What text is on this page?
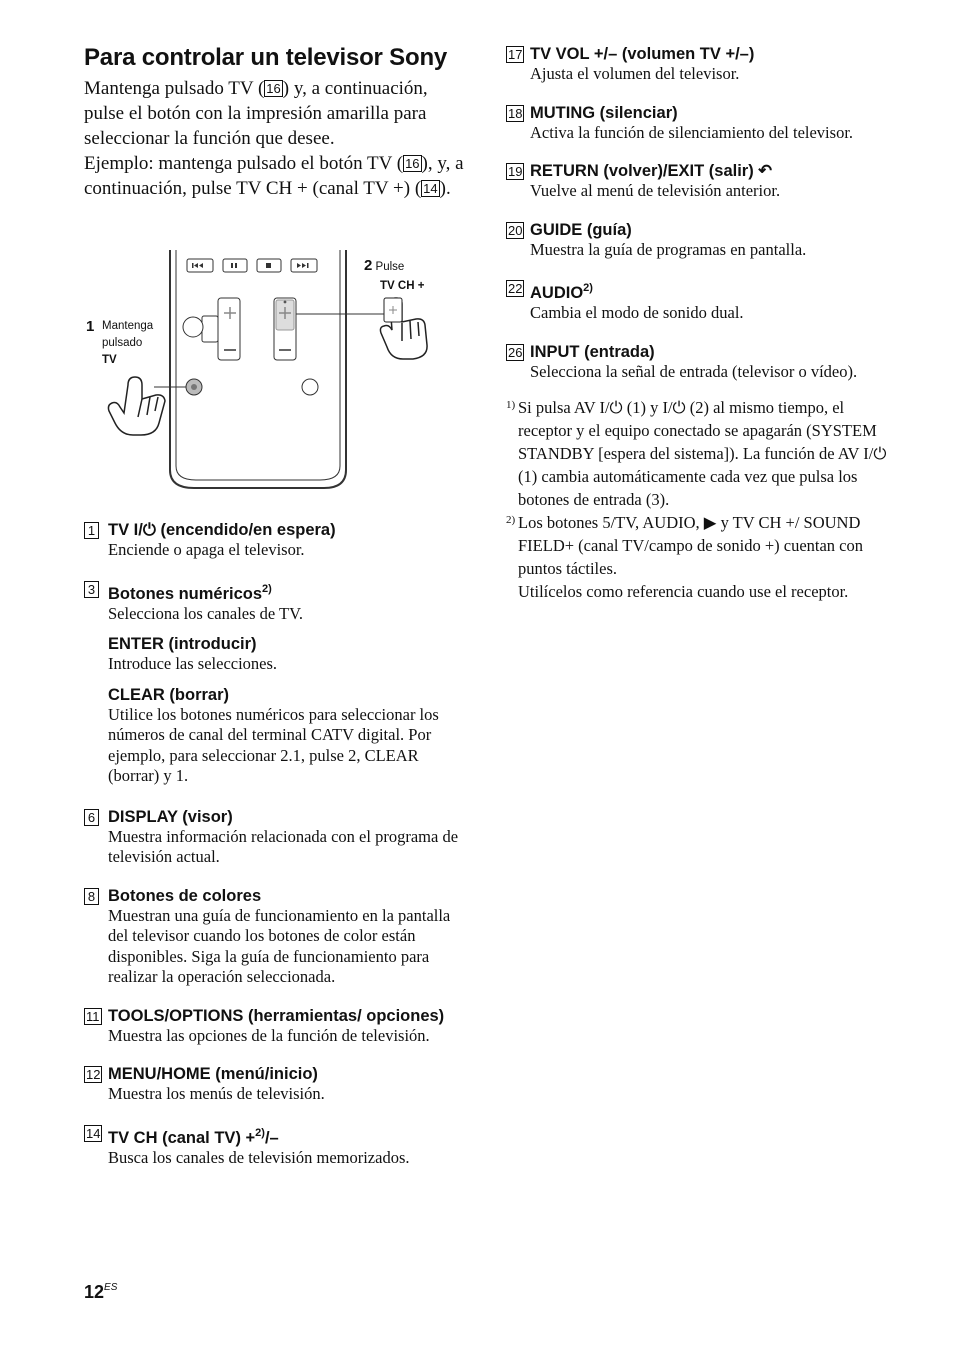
Para controlar un televisor Sony

Mantenga pulsado TV ( 16 ) y, a continuación, pulse el botón con la impresión amarilla para seleccionar la función que desee.

Ejemplo: mantenga pulsado el botón TV ( 16 ), y, a continuación, pulse TV CH + (canal TV +) ( 14 ).

1 Mantenga
pulsado
TV
2 Pulse
TV CH +
1 TV I/⏻ (encendido/en espera)
Enciende o apaga el televisor.
3 Botones numéricos$^{2)}$
Selecciona los canales de TV.
ENTER (introducir)
Introduce las selecciones.
CLEAR (borrar)
Utilice los botones numéricos para seleccionar los números de canal del terminal CATV digital. Por ejemplo, para seleccionar 2.1, pulse 2, CLEAR (borrar) y 1.
6 DISPLAY (visor)
Muestra información relacionada con el programa de televisión actual.
8 Botones de colores
Muestran una guía de funcionamiento en la pantalla del televisor cuando los botones de color están disponibles. Siga la guía de funcionamiento para realizar la operación seleccionada.
11 TOOLS/OPTIONS (herramientas/ opciones)
Muestra las opciones de la función de televisión.
12 MENU/HOME (menú/inicio)
Muestra los menús de televisión.
14 TV CH (canal TV) +$^{2)}$/–
Busca los canales de televisión memorizados.
17 TV VOL +/– (volumen TV +/–)
Ajusta el volumen del televisor.
18 MUTING (silenciar)
Activa la función de silenciamiento del televisor.
19 RETURN (volver)/EXIT (salir) ↶
Vuelve al menú de televisión anterior.
20 GUIDE (guía)
Muestra la guía de programas en pantalla.
22 AUDIO$^{2)}$
Cambia el modo de sonido dual.
26 INPUT (entrada)
Selecciona la señal de entrada (televisor o vídeo).
1) Si pulsa AV I/⏻ (1) y I/⏻ (2) al mismo tiempo, el receptor y el equipo conectado se apagarán (SYSTEM STANDBY [espera del sistema]). La función de AV I/⏻ (1) cambia automáticamente cada vez que pulsa los botones de entrada (3).
2) Los botones 5/TV, AUDIO, ▶ y TV CH +/ SOUND FIELD+ (canal TV/campo de sonido +) cuentan con puntos táctiles.
Utilícelos como referencia cuando use el receptor.
$12^{ES}$
